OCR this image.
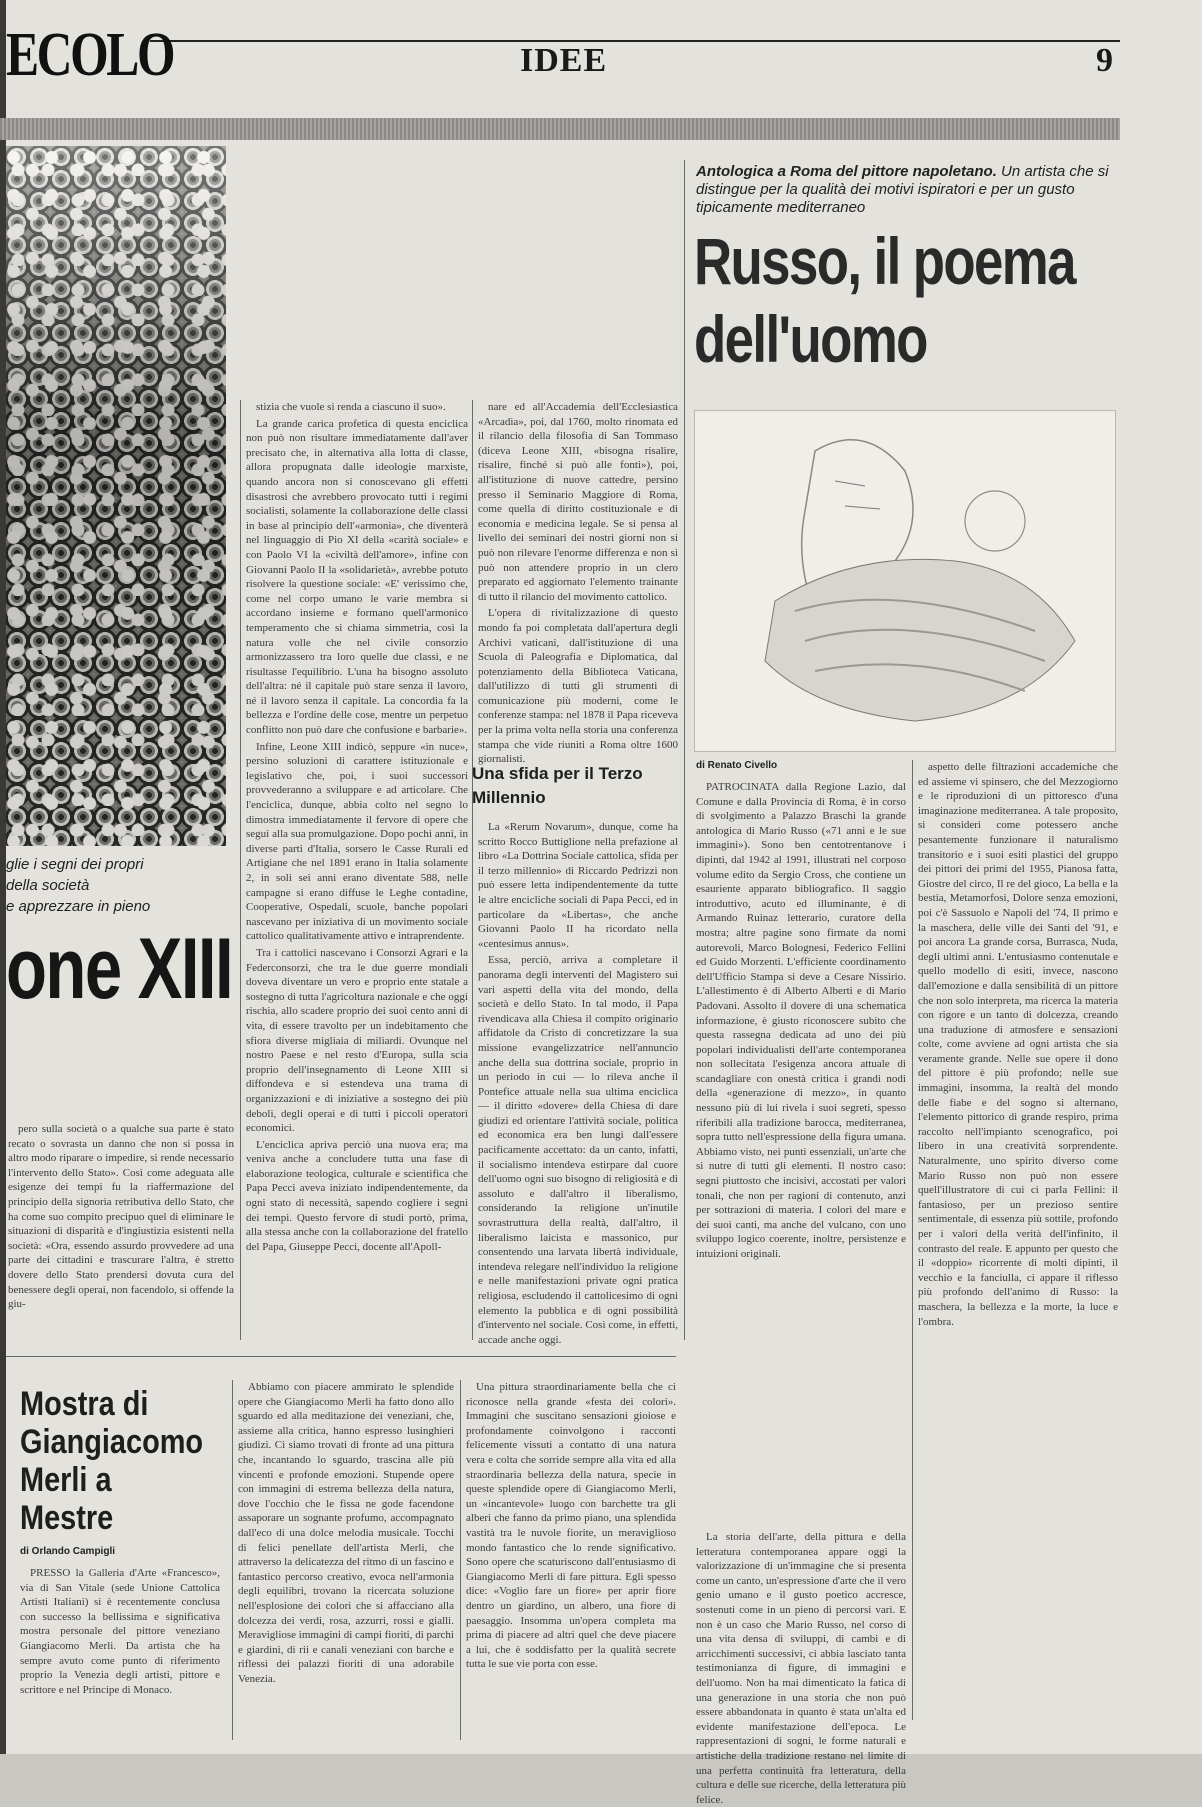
ECOLO	IDEE	9
glie i segni dei propri
della società
e apprezzare in pieno
one XIII

pero sulla società o a qualche sua parte è stato recato o sovrasta un danno che non si possa in altro modo riparare o impedire, si rende necessario l'intervento dello Stato». Così come adeguata alle esigenze dei tempi fu la riaffermazione del principio della signoria retributiva dello Stato, che ha come suo compito precipuo quel di eliminare le situazioni di disparità e d'ingiustizia esistenti nella società: «Ora, essendo assurdo provvedere ad una parte dei cittadini e trascurare l'altra, è stretto dovere dello Stato prendersi dovuta cura del benessere degli operai, non facendolo, si offende la giu-

stizia che vuole si renda a ciascuno il suo».

La grande carica profetica di questa enciclica non può non risultare immediatamente dall'aver precisato che, in alternativa alla lotta di classe, allora propugnata dalle ideologie marxiste, quando ancora non si conoscevano gli effetti disastrosi che avrebbero provocato tutti i regimi socialisti, solamente la collaborazione delle classi in base al principio dell'«armonia», che diventerà nel linguaggio di Pio XI della «carità sociale» e con Paolo VI la «civiltà dell'amore», infine con Giovanni Paolo II la «solidarietà», avrebbe potuto risolvere la questione sociale: «E' verissimo che, come nel corpo umano le varie membra si accordano insieme e formano quell'armonico temperamento che si chiama simmetria, così la natura volle che nel civile consorzio armonizzassero tra loro quelle due classi, e ne risultasse l'equilibrio. L'una ha bisogno assoluto dell'altra: né il capitale può stare senza il lavoro, né il lavoro senza il capitale. La concordia fa la bellezza e l'ordine delle cose, mentre un perpetuo conflitto non può dare che confusione e barbarie».

Infine, Leone XIII indicò, seppure «in nuce», persino soluzioni di carattere istituzionale e legislativo che, poi, i suoi successori provvederanno a sviluppare e ad articolare. Che l'enciclica, dunque, abbia colto nel segno lo dimostra immediatamente il fervore di opere che seguì alla sua promulgazione. Dopo pochi anni, in diverse parti d'Italia, sorsero le Casse Rurali ed Artigiane che nel 1891 erano in Italia solamente 2, in soli sei anni erano diventate 588, nelle campagne si erano diffuse le Leghe contadine, Cooperative, Ospedali, scuole, banche popolari nascevano per iniziativa di un movimento sociale cattolico qualitativamente attivo e intraprendente.

Tra i cattolici nascevano i Consorzi Agrari e la Federconsorzi, che tra le due guerre mondiali doveva diventare un vero e proprio ente statale a sostegno di tutta l'agricoltura nazionale e che oggi rischia, allo scadere proprio dei suoi cento anni di vita, di essere travolto per un indebitamento che sfiora diverse migliaia di miliardi. Ovunque nel nostro Paese e nel resto d'Europa, sulla scia proprio dell'insegnamento di Leone XIII si diffondeva e si estendeva una trama di organizzazioni e di iniziative a sostegno dei più deboli, degli operai e di tutti i piccoli operatori economici.

L'enciclica apriva perciò una nuova era; ma veniva anche a concludere tutta una fase di elaborazione teologica, culturale e scientifica che Papa Pecci aveva iniziato indipendentemente, da ogni stato di necessità, sapendo cogliere i segni dei tempi. Questo fervore di studi portò, prima, alla stessa anche con la collaborazione del fratello del Papa, Giuseppe Pecci, docente all'Apoll-

nare ed all'Accademia dell'Ecclesiastica «Arcadia», poi, dal 1760, molto rinomata ed il rilancio della filosofia di San Tommaso (diceva Leone XIII, «bisogna risalire, risalire, finché si può alle fonti»), poi, all'istituzione di nuove cattedre, persino presso il Seminario Maggiore di Roma, come quella di diritto costituzionale e di economia e medicina legale. Se si pensa al livello dei seminari dei nostri giorni non si può non rilevare l'enorme differenza e non si può non attendere proprio in un clero preparato ed aggiornato l'elemento trainante di tutto il rilancio del movimento cattolico.

L'opera di rivitalizzazione di questo mondo fa poi completata dall'apertura degli Archivi vaticani, dall'istituzione di una Scuola di Paleografia e Diplomatica, dal potenziamento della Biblioteca Vaticana, dall'utilizzo di tutti gli strumenti di comunicazione più moderni, come le conferenze stampa: nel 1878 il Papa riceveva per la prima volta nella storia una conferenza stampa che vide riuniti a Roma oltre 1600 giornalisti.

Una sfida per il Terzo Millennio

La «Rerum Novarum», dunque, come ha scritto Rocco Buttiglione nella prefazione al libro «La Dottrina Sociale cattolica, sfida per il terzo millennio» di Riccardo Pedrizzi non può essere letta indipendentemente da tutte le altre encicliche sociali di Papa Pecci, ed in particolare da «Libertas», che anche Giovanni Paolo II ha ricordato nella «centesimus annus».

Essa, perciò, arriva a completare il panorama degli interventi del Magistero sui vari aspetti della vita del mondo, della società e dello Stato. In tal modo, il Papa rivendicava alla Chiesa il compito originario affidatole da Cristo di concretizzare la sua missione evangelizzatrice nell'annuncio anche della sua dottrina sociale, proprio in un periodo in cui — lo rileva anche il Pontefice attuale nella sua ultima enciclica — il diritto «dovere» della Chiesa di dare giudizi ed orientare l'attività sociale, politica ed economica era ben lungi dall'essere pacificamente accettato: da un canto, infatti, il socialismo intendeva estirpare dal cuore dell'uomo ogni suo bisogno di religiosità e di assoluto e dall'altro il liberalismo, considerando la religione un'inutile sovrastruttura della realtà, dall'altro, il liberalismo laicista e massonico, pur consentendo una larvata libertà individuale, intendeva relegare nell'individuo la religione e nelle manifestazioni private ogni pratica religiosa, escludendo il cattolicesimo di ogni elemento la pubblica e di ogni possibilità d'intervento nel sociale. Così come, in effetti, accade anche oggi.

Antologica a Roma del pittore napoletano. Un artista che si distingue per la qualità dei motivi ispiratori e per un gusto tipicamente mediterraneo
Russo, il poema
dell'uomo
di Renato Civello

PATROCINATA dalla Regione Lazio, dal Comune e dalla Provincia di Roma, è in corso di svolgimento a Palazzo Braschi la grande antologica di Mario Russo («71 anni e le sue immagini»). Sono ben centotrentanove i dipinti, dal 1942 al 1991, illustrati nel corposo volume edito da Sergio Cross, che contiene un esauriente apparato bibliografico. Il saggio introduttivo, acuto ed illuminante, è di Armando Ruinaz letterario, curatore della mostra; altre pagine sono firmate da nomi autorevoli, Marco Bolognesi, Federico Fellini ed Guido Morzenti. L'efficiente coordinamento dell'Ufficio Stampa si deve a Cesare Nissirio. L'allestimento è di Alberto Alberti e di Mario Padovani. Assolto il dovere di una schematica informazione, è giusto riconoscere subito che questa rassegna dedicata ad uno dei più popolari individualisti dell'arte contemporanea non sollecitata l'esigenza ancora attuale di scandagliare con onestà critica i grandi nodi della «generazione di mezzo», in quanto nessuno più di lui rivela i suoi segreti, spesso riferibili alla tradizione barocca, mediterranea, sopra tutto nell'espressione della figura umana. Abbiamo visto, nei punti essenziali, un'arte che si nutre di tutti gli elementi. Il nostro caso: segni piuttosto che incisivi, accostati per valori tonali, che non per ragioni di contenuto, anzi per sottrazioni di materia. I colori del mare e dei suoi canti, ma anche del vulcano, con uno sviluppo logico coerente, inoltre, persistenze e intuizioni originali.

aspetto delle filtrazioni accademiche che ed assieme vi spinsero, che del Mezzogiorno e le riproduzioni di un pittoresco d'una imaginazione mediterranea. A tale proposito, si consideri come potessero anche pesantemente funzionare il naturalismo transitorio e i suoi esiti plastici del gruppo dei pittori dei primi del 1955, Pianosa fatta, Giostre del circo, Il re del gioco, La bella e la bestia, Metamorfosi, Dolore senza emozioni, poi c'è Sassuolo e Napoli del '74, Il primo e la maschera, delle ville dei Santi del '91, e poi ancora La grande corsa, Burrasca, Nuda, degli ultimi anni. L'entusiasmo contenutale e quello modello di esiti, invece, nascono dall'emozione e dalla sensibilità di un pittore che non solo interpreta, ma ricerca la materia con rigore e un tanto di dolcezza, creando una traduzione di atmosfere e sensazioni colte, come avviene ad ogni artista che sia veramente grande. Nelle sue opere il dono del pittore è più profondo; nelle sue immagini, insomma, la realtà del mondo delle fiabe e del sogno si alternano, l'elemento pittorico di grande respiro, prima raccolto nell'impianto scenografico, poi libero in una creatività sorprendente. Naturalmente, uno spirito diverso come Mario Russo non può non essere quell'illustratore di cui ci parla Fellini: il fantasioso, per un prezioso sentire sentimentale, di essenza più sottile, profondo per i valori della verità dell'infinito, il contrasto del reale. E appunto per questo che il «doppio» ricorrente di molti dipinti, il vecchio e la fanciulla, ci appare il riflesso più profondo dell'animo di Russo: la maschera, la bellezza e la morte, la luce e l'ombra.

Mostra di Giangiacomo Merli a Mestre
di Orlando Campigli

PRESSO la Galleria d'Arte «Francesco», via di San Vitale (sede Unione Cattolica Artisti Italiani) si è recentemente conclusa con successo la bellissima e significativa mostra personale del pittore veneziano Giangiacomo Merli. Da artista che ha sempre avuto come punto di riferimento proprio la Venezia degli artisti, pittore e scrittore e nel Principe di Monaco.

Abbiamo con piacere ammirato le splendide opere che Giangiacomo Merli ha fatto dono allo sguardo ed alla meditazione dei veneziani, che, assieme alla critica, hanno espresso lusinghieri giudizi. Ci siamo trovati di fronte ad una pittura che, incantando lo sguardo, trascina alle più vincenti e profonde emozioni. Stupende opere con immagini di estrema bellezza della natura, dove l'occhio che le fissa ne gode facendone assaporare un sognante profumo, accompagnato dall'eco di una dolce melodia musicale. Tocchi di felici penellate dell'artista Merli, che attraverso la delicatezza del ritmo di un fascino e fantastico percorso creativo, evoca nell'armonia degli equilibri, trovano la ricercata soluzione nell'esplosione dei colori che si affacciano alla dolcezza dei verdi, rosa, azzurri, rossi e gialli. Meravigliose immagini di campi fioriti, di parchi e giardini, di rii e canali veneziani con barche e riflessi dei palazzi fioriti di una adorabile Venezia.

Una pittura straordinariamente bella che ci riconosce nella grande «festa dei colori». Immagini che suscitano sensazioni gioiose e profondamente coinvolgono i racconti felicemente vissuti a contatto di una natura vera e colta che sorride sempre alla vita ed alla straordinaria bellezza della natura, specie in queste splendide opere di Giangiacomo Merli, un «incantevole» luogo con barchette tra gli alberi che fanno da primo piano, una splendida vastità tra le nuvole fiorite, un meraviglioso mondo fantastico che lo rende significativo. Sono opere che scaturiscono dall'entusiasmo di Giangiacomo Merli di fare pittura. Egli spesso dice: «Voglio fare un fiore» per aprir fiore dentro un giardino, un albero, una fiore di paesaggio. Insomma un'opera completa ma prima di piacere ad altri quel che deve piacere a lui, che è soddisfatto per la qualità secrete tutta le sue vie porta con esse.

La storia dell'arte, della pittura e della letteratura contemporanea appare oggi la valorizzazione di un'immagine che si presenta come un canto, un'espressione d'arte che il vero genio umano e il gusto poetico accresce, sostenuti come in un pieno di percorsi vari. E non è un caso che Mario Russo, nel corso di una vita densa di sviluppi, di cambi e di arricchimenti successivi, ci abbia lasciato tanta testimonianza di figure, di immagini e dell'uomo. Non ha mai dimenticato la fatica di una generazione in una storia che non può essere abbandonata in quanto è stata un'alta ed evidente manifestazione dell'epoca. Le rappresentazioni di sogni, le forme naturali e artistiche della tradizione restano nel limite di una perfetta continuità fra letteratura, della cultura e delle sue ricerche, della letteratura più felice.
